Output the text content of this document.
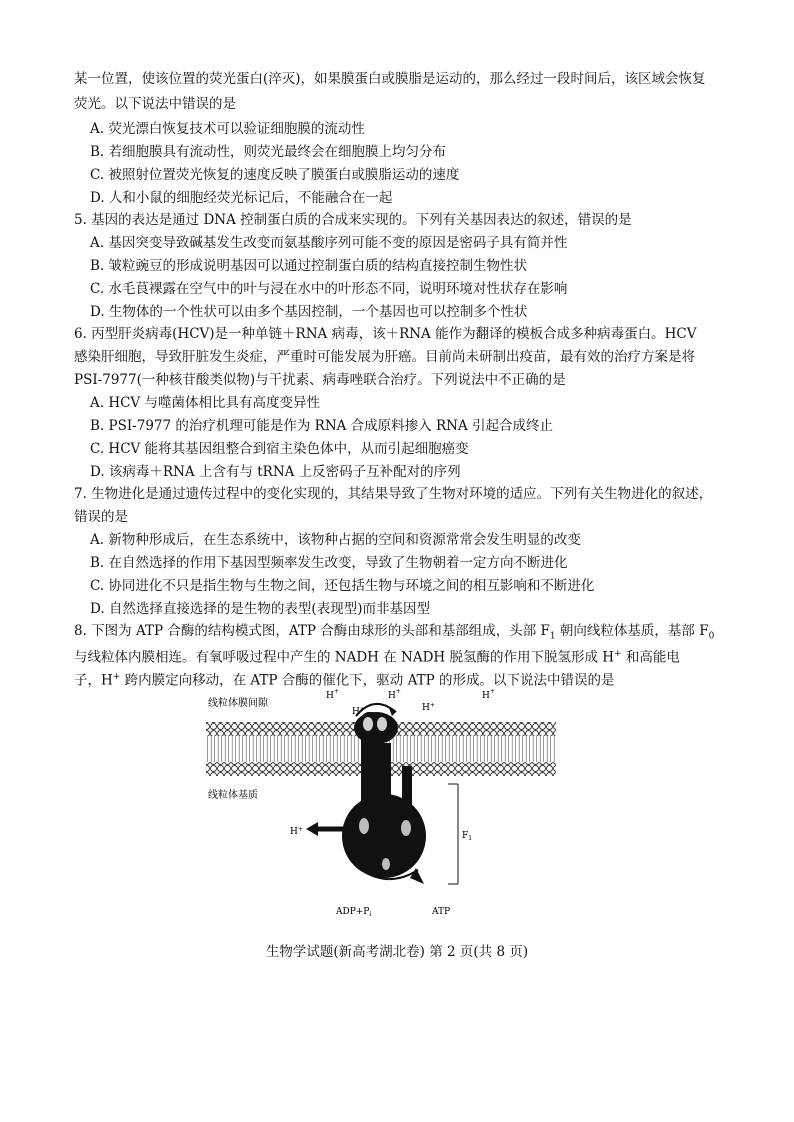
某一位置，使该位置的荧光蛋白(淬灭)，如果膜蛋白或膜脂是运动的，那么经过一段时间后，该区域会恢复
荧光。以下说法中错误的是
A. 荧光漂白恢复技术可以验证细胞膜的流动性
B. 若细胞膜具有流动性，则荧光最终会在细胞膜上均匀分布
C. 被照射位置荧光恢复的速度反映了膜蛋白或膜脂运动的速度
D. 人和小鼠的细胞经荧光标记后，不能融合在一起
5. 基因的表达是通过 DNA 控制蛋白质的合成来实现的。下列有关基因表达的叙述，错误的是
A. 基因突变导致碱基发生改变而氨基酸序列可能不变的原因是密码子具有简并性
B. 皱粒豌豆的形成说明基因可以通过控制蛋白质的结构直接控制生物性状
C. 水毛茛裸露在空气中的叶与浸在水中的叶形态不同，说明环境对性状存在影响
D. 生物体的一个性状可以由多个基因控制，一个基因也可以控制多个性状
6. 丙型肝炎病毒(HCV)是一种单链＋RNA 病毒，该＋RNA 能作为翻译的模板合成多种病毒蛋白。HCV
感染肝细胞，导致肝脏发生炎症，严重时可能发展为肝癌。目前尚未研制出疫苗，最有效的治疗方案是将
PSI-7977(一种核苷酸类似物)与干扰素、病毒唑联合治疗。下列说法中不正确的是
A. HCV 与噬菌体相比具有高度变异性
B. PSI-7977 的治疗机理可能是作为 RNA 合成原料掺入 RNA 引起合成终止
C. HCV 能将其基因组整合到宿主染色体中，从而引起细胞癌变
D. 该病毒＋RNA 上含有与 tRNA 上反密码子互补配对的序列
7. 生物进化是通过遗传过程中的变化实现的，其结果导致了生物对环境的适应。下列有关生物进化的叙述，
错误的是
A. 新物种形成后，在生态系统中，该物种占据的空间和资源常常会发生明显的改变
B. 在自然选择的作用下基因型频率发生改变，导致了生物朝着一定方向不断进化
C. 协同进化不只是指生物与生物之间，还包括生物与环境之间的相互影响和不断进化
D. 自然选择直接选择的是生物的表型(表现型)而非基因型
8. 下图为 ATP 合酶的结构模式图，ATP 合酶由球形的头部和基部组成，头部 $F_1$ 朝向线粒体基质，基部 $F_0$
与线粒体内膜相连。有氧呼吸过程中产生的 NADH 在 NADH 脱氢酶的作用下脱氢形成 H+ 和高能电
子，H+ 跨内膜定向移动，在 ATP 合酶的催化下，驱动 ATP 的形成。以下说法中错误的是
线粒体膜间隙
线粒体基质
H+	H+	H+
H+	H+
H+
$F_1$
$ADP+P_i$	ATP
生物学试题(新高考湖北卷) 第 2 页(共 8 页)
